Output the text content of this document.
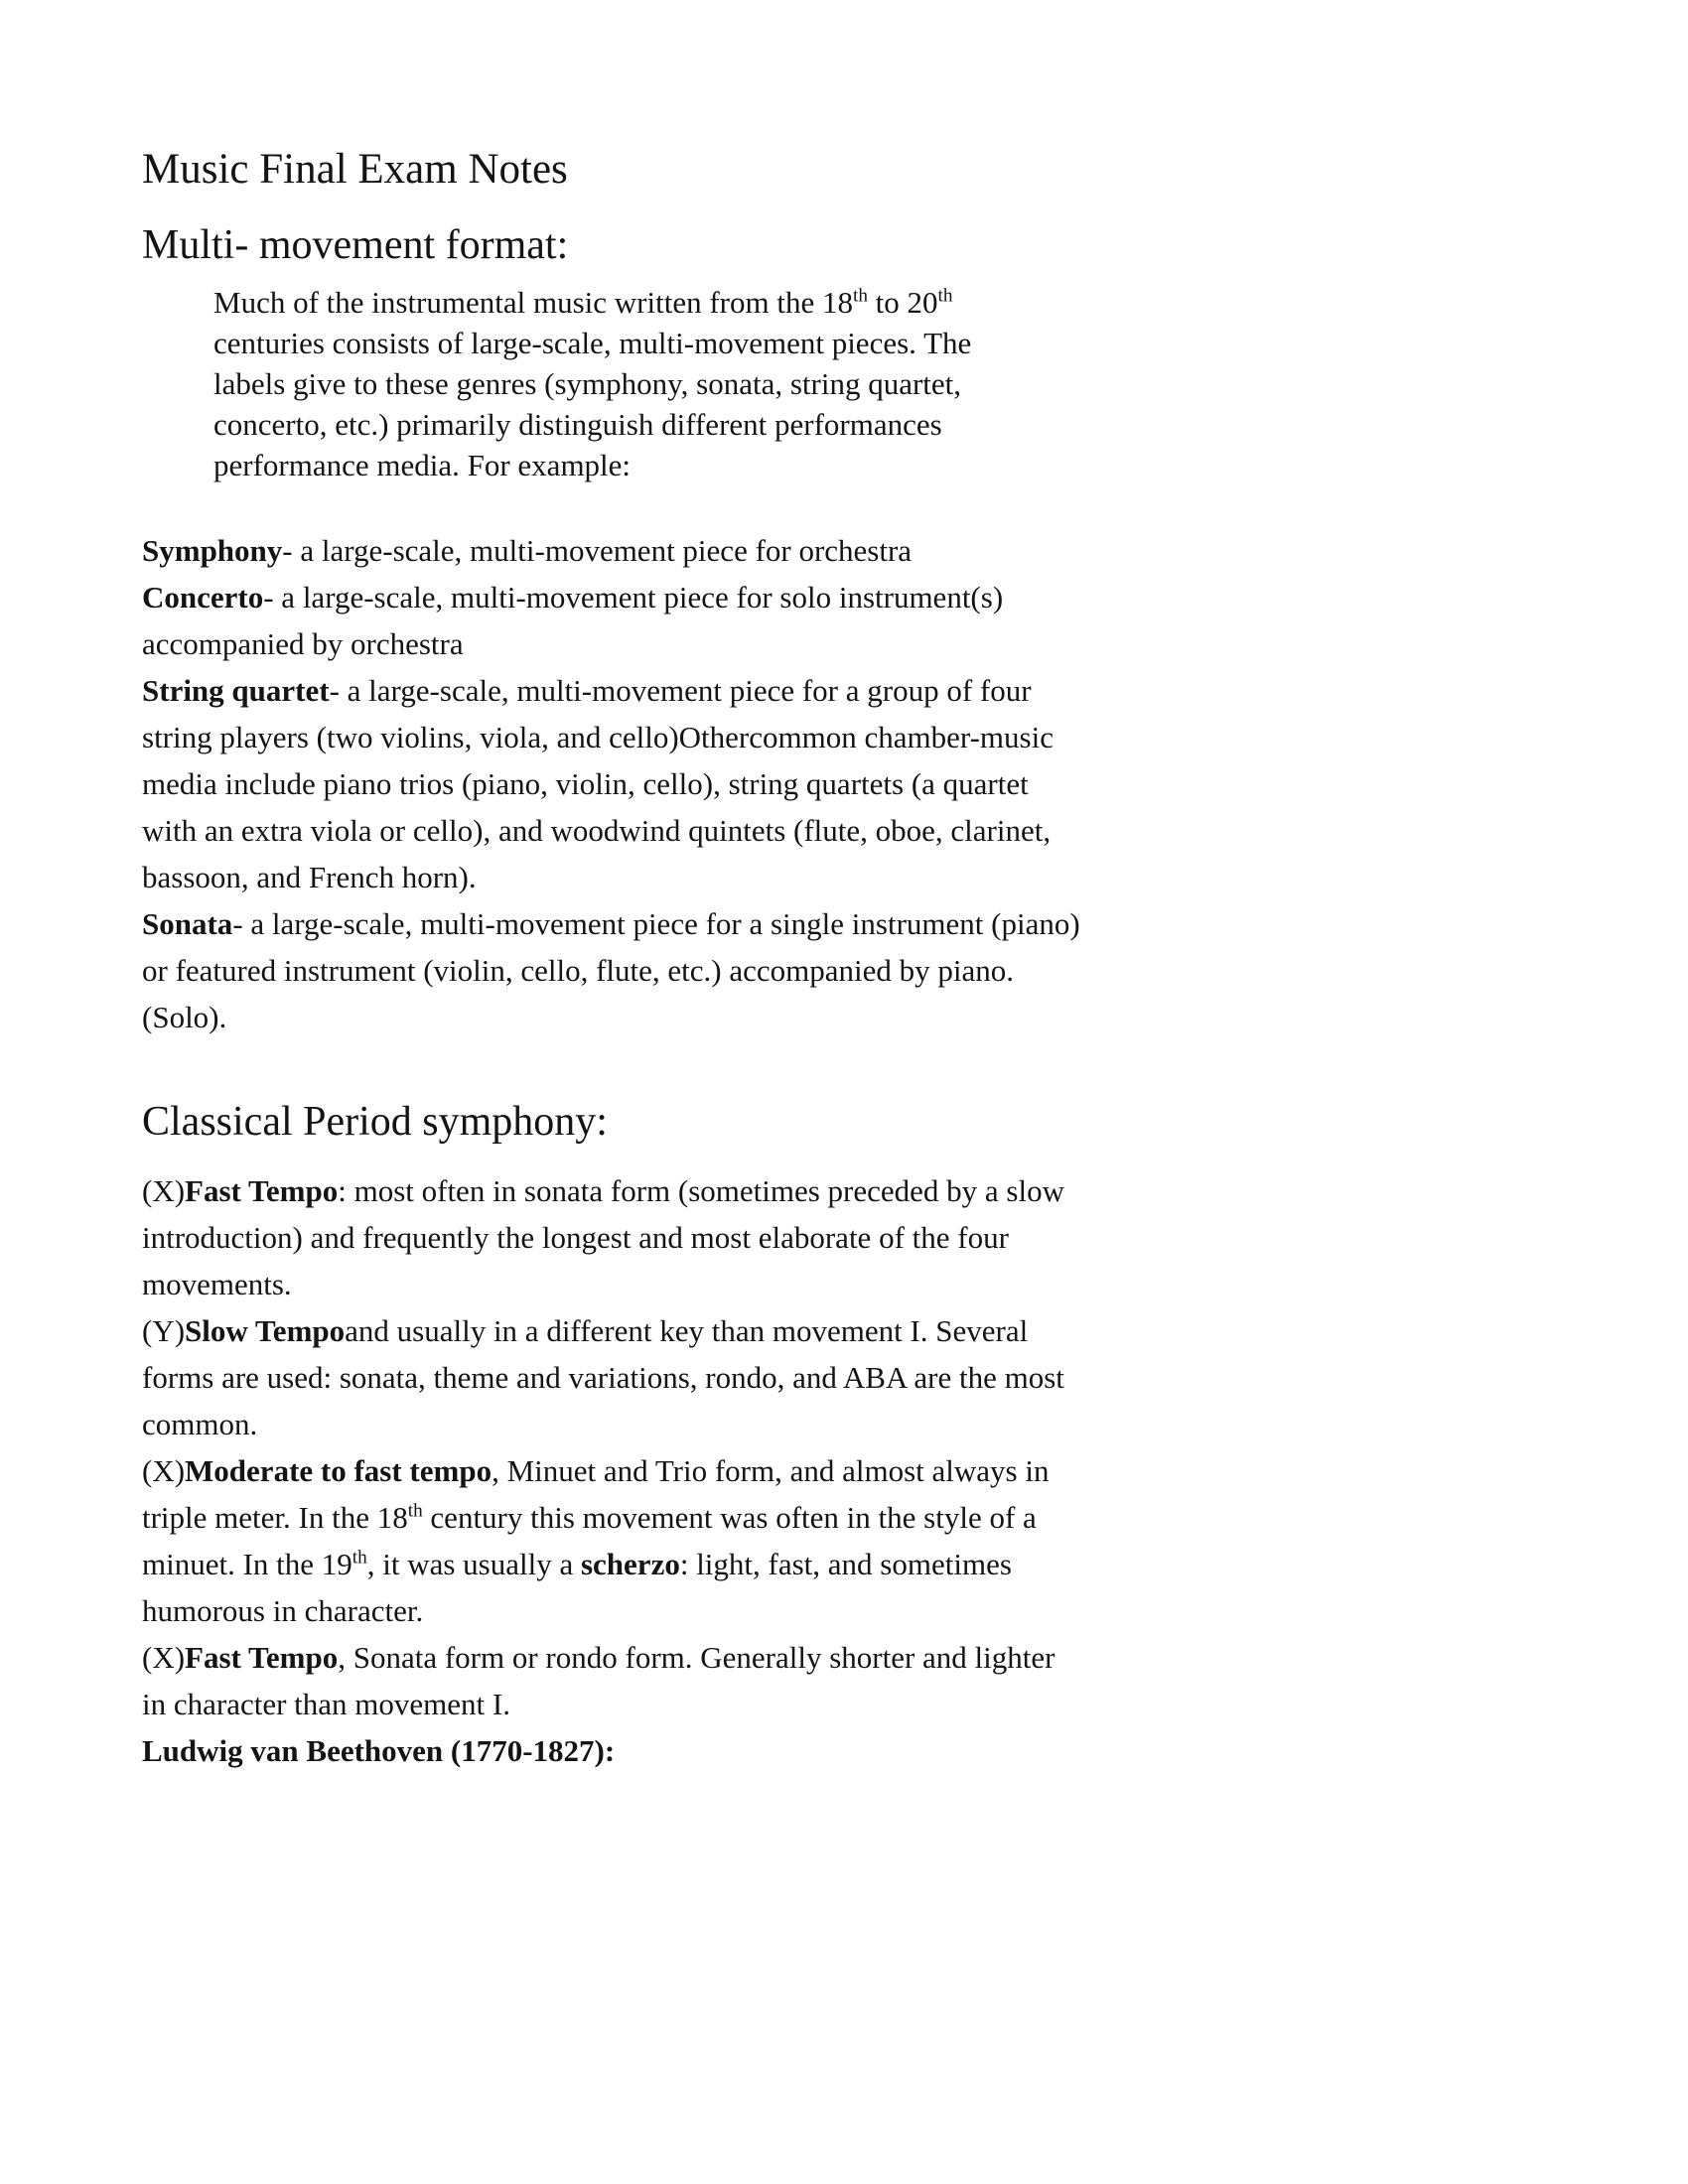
Music Final Exam Notes
Multi- movement format:

Much of the instrumental music written from the 18th to 20th centuries consists of large-scale, multi-movement pieces. The labels give to these genres (symphony, sonata, string quartet, concerto, etc.) primarily distinguish different performances performance media. For example:

Symphony- a large-scale, multi-movement piece for orchestra

Concerto- a large-scale, multi-movement piece for solo instrument(s) accompanied by orchestra

String quartet- a large-scale, multi-movement piece for a group of four string players (two violins, viola, and cello)Othercommon chamber-music media include piano trios (piano, violin, cello), string quartets (a quartet with an extra viola or cello), and woodwind quintets (flute, oboe, clarinet, bassoon, and French horn).

Sonata- a large-scale, multi-movement piece for a single instrument (piano) or featured instrument (violin, cello, flute, etc.) accompanied by piano. (Solo).

Classical Period symphony:

(X)Fast Tempo: most often in sonata form (sometimes preceded by a slow introduction) and frequently the longest and most elaborate of the four movements.

(Y)Slow Tempoand usually in a different key than movement I. Several forms are used: sonata, theme and variations, rondo, and ABA are the most common.

(X)Moderate to fast tempo, Minuet and Trio form, and almost always in triple meter. In the 18th century this movement was often in the style of a minuet. In the 19th, it was usually a scherzo: light, fast, and sometimes humorous in character.

(X)Fast Tempo, Sonata form or rondo form. Generally shorter and lighter in character than movement I.

Ludwig van Beethoven (1770-1827):
